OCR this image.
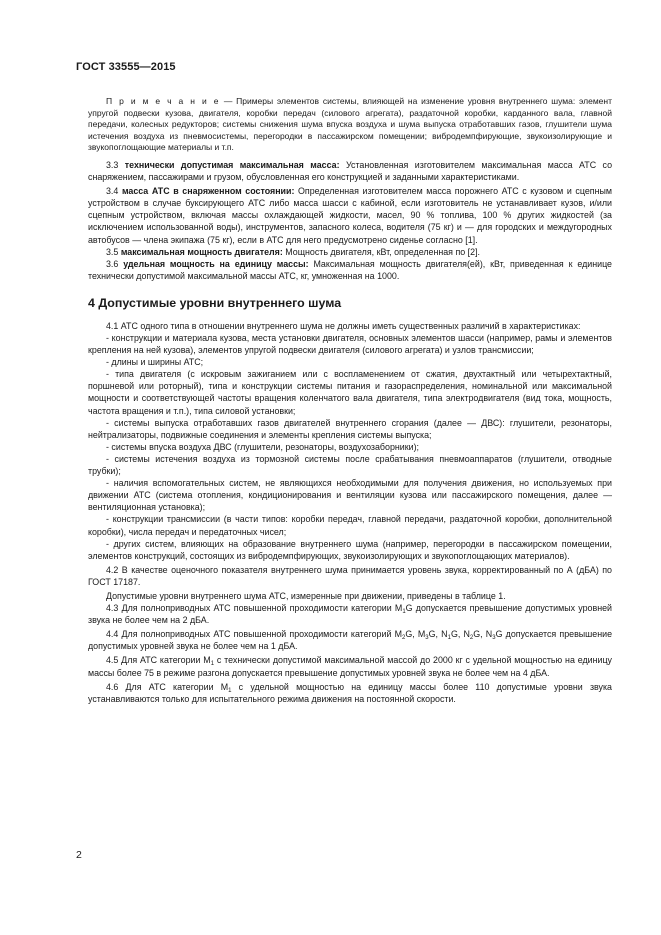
ГОСТ 33555—2015

П р и м е ч а н и е — Примеры элементов системы, влияющей на изменение уровня внутреннего шума: элемент упругой подвески кузова, двигателя, коробки передач (силового агрегата), раздаточной коробки, карданного вала, главной передачи, колесных редукторов; системы снижения шума впуска воздуха и шума выпуска отработавших газов, глушители шума истечения воздуха из пневмосистемы, перегородки в пассажирском помещении; вибродемпфирующие, звукоизолирующие и звукопоглощающие материалы и т.п.

3.3 технически допустимая максимальная масса: Установленная изготовителем максимальная масса АТС со снаряжением, пассажирами и грузом, обусловленная его конструкцией и заданными характеристиками.

3.4 масса АТС в снаряженном состоянии: Определенная изготовителем масса порожнего АТС с кузовом и сцепным устройством в случае буксирующего АТС либо масса шасси с кабиной, если изготовитель не устанавливает кузов, и/или сцепным устройством, включая массы охлаждающей жидкости, масел, 90 % топлива, 100 % других жидкостей (за исключением использованной воды), инструментов, запасного колеса, водителя (75 кг) и — для городских и междугородных автобусов — члена экипажа (75 кг), если в АТС для него предусмотрено сиденье согласно [1].

3.5 максимальная мощность двигателя: Мощность двигателя, кВт, определенная по [2].

3.6 удельная мощность на единицу массы: Максимальная мощность двигателя(ей), кВт, приведенная к единице технически допустимой максимальной массы АТС, кг, умноженная на 1000.

4 Допустимые уровни внутреннего шума

4.1 АТС одного типа в отношении внутреннего шума не должны иметь существенных различий в характеристиках:

- конструкции и материала кузова, места установки двигателя, основных элементов шасси (например, рамы и элементов крепления на ней кузова), элементов упругой подвески двигателя (силового агрегата) и узлов трансмиссии;

- длины и ширины АТС;

- типа двигателя (с искровым зажиганием или с воспламенением от сжатия, двухтактный или четырехтактный, поршневой или роторный), типа и конструкции системы питания и газораспределения, номинальной или максимальной мощности и соответствующей частоты вращения коленчатого вала двигателя, типа электродвигателя (вид тока, мощность, частота вращения и т.п.), типа силовой установки;

- системы выпуска отработавших газов двигателей внутреннего сгорания (далее — ДВС): глушители, резонаторы, нейтрализаторы, подвижные соединения и элементы крепления системы выпуска;

- системы впуска воздуха ДВС (глушители, резонаторы, воздухозаборники);

- системы истечения воздуха из тормозной системы после срабатывания пневмоаппаратов (глушители, отводные трубки);

- наличия вспомогательных систем, не являющихся необходимыми для получения движения, но используемых при движении АТС (система отопления, кондиционирования и вентиляции кузова или пассажирского помещения, далее — вентиляционная установка);

- конструкции трансмиссии (в части типов: коробки передач, главной передачи, раздаточной коробки, дополнительной коробки), числа передач и передаточных чисел;

- других систем, влияющих на образование внутреннего шума (например, перегородки в пассажирском помещении, элементов конструкций, состоящих из вибродемпфирующих, звукоизолирующих и звукопоглощающих материалов).

4.2 В качестве оценочного показателя внутреннего шума принимается уровень звука, корректированный по А (дБА) по ГОСТ 17187.

Допустимые уровни внутреннего шума АТС, измеренные при движении, приведены в таблице 1.

4.3 Для полноприводных АТС повышенной проходимости категории $M_1G$ допускается превышение допустимых уровней звука не более чем на 2 дБА.

4.4 Для полноприводных АТС повышенной проходимости категорий $M_2G$, $M_3G$, $N_1G$, $N_2G$, $N_3G$ допускается превышение допустимых уровней звука не более чем на 1 дБА.

4.5 Для АТС категории $M_1$ с технически допустимой максимальной массой до 2000 кг с удельной мощностью на единицу массы более 75 в режиме разгона допускается превышение допустимых уровней звука не более чем на 4 дБА.

4.6 Для АТС категории $M_1$ с удельной мощностью на единицу массы более 110 допустимые уровни звука устанавливаются только для испытательного режима движения на постоянной скорости.

2
